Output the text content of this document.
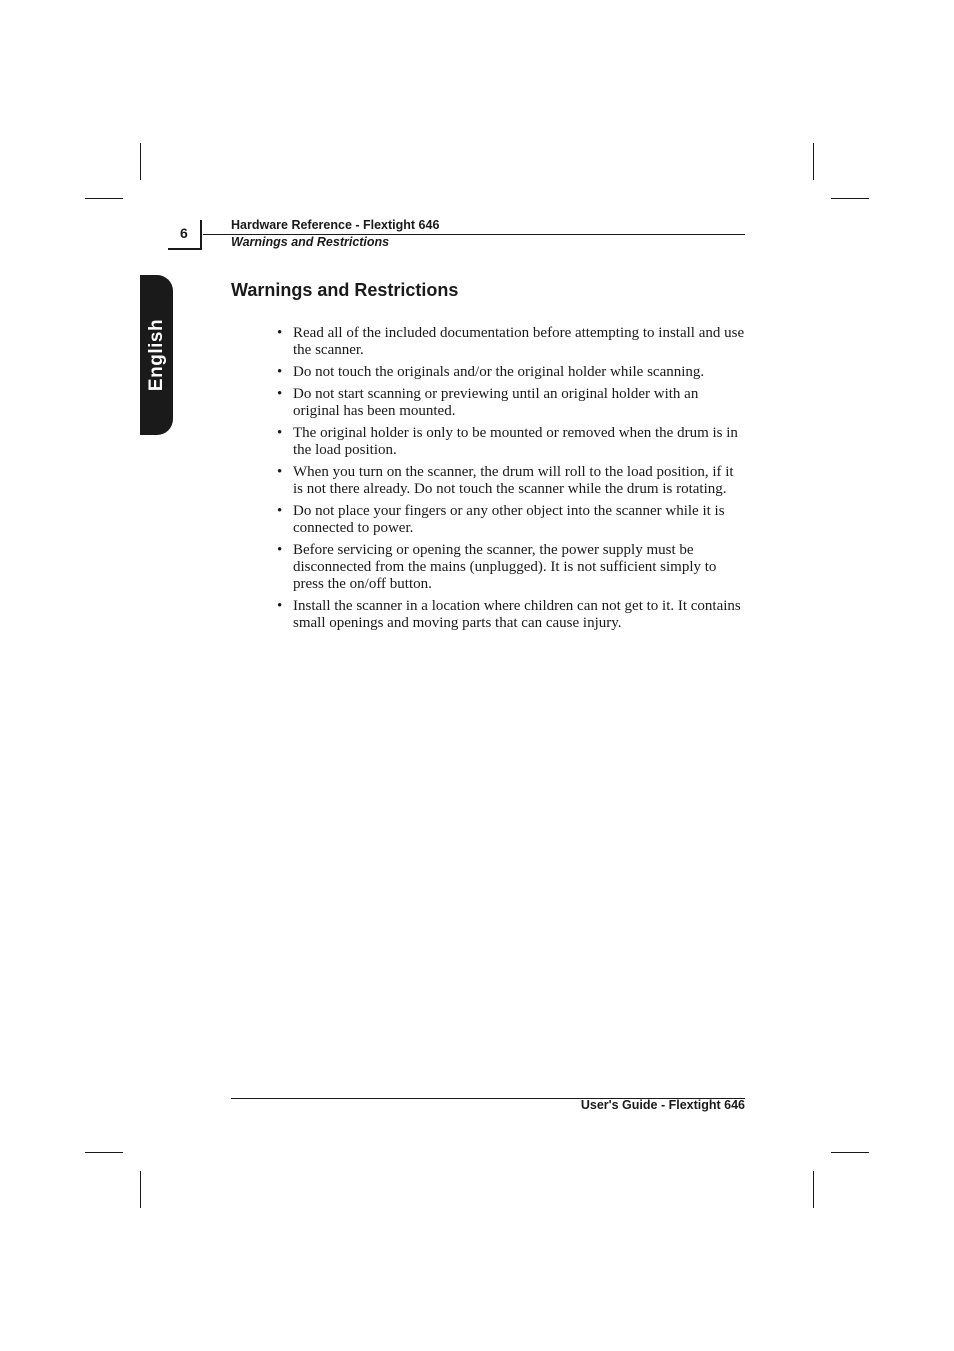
6	Hardware Reference - Flextight 646
Warnings and Restrictions
English
Warnings and Restrictions
• Read all of the included documentation before attempting to install and use the scanner.
• Do not touch the originals and/or the original holder while scanning.
• Do not start scanning or previewing until an original holder with an original has been mounted.
• The original holder is only to be mounted or removed when the drum is in the load position.
• When you turn on the scanner, the drum will roll to the load position, if it is not there already. Do not touch the scanner while the drum is rotating.
• Do not place your fingers or any other object into the scanner while it is connected to power.
• Before servicing or opening the scanner, the power supply must be disconnected from the mains (unplugged). It is not sufficient simply to press the on/off button.
• Install the scanner in a location where children can not get to it. It contains small openings and moving parts that can cause injury.
User's Guide - Flextight 646
